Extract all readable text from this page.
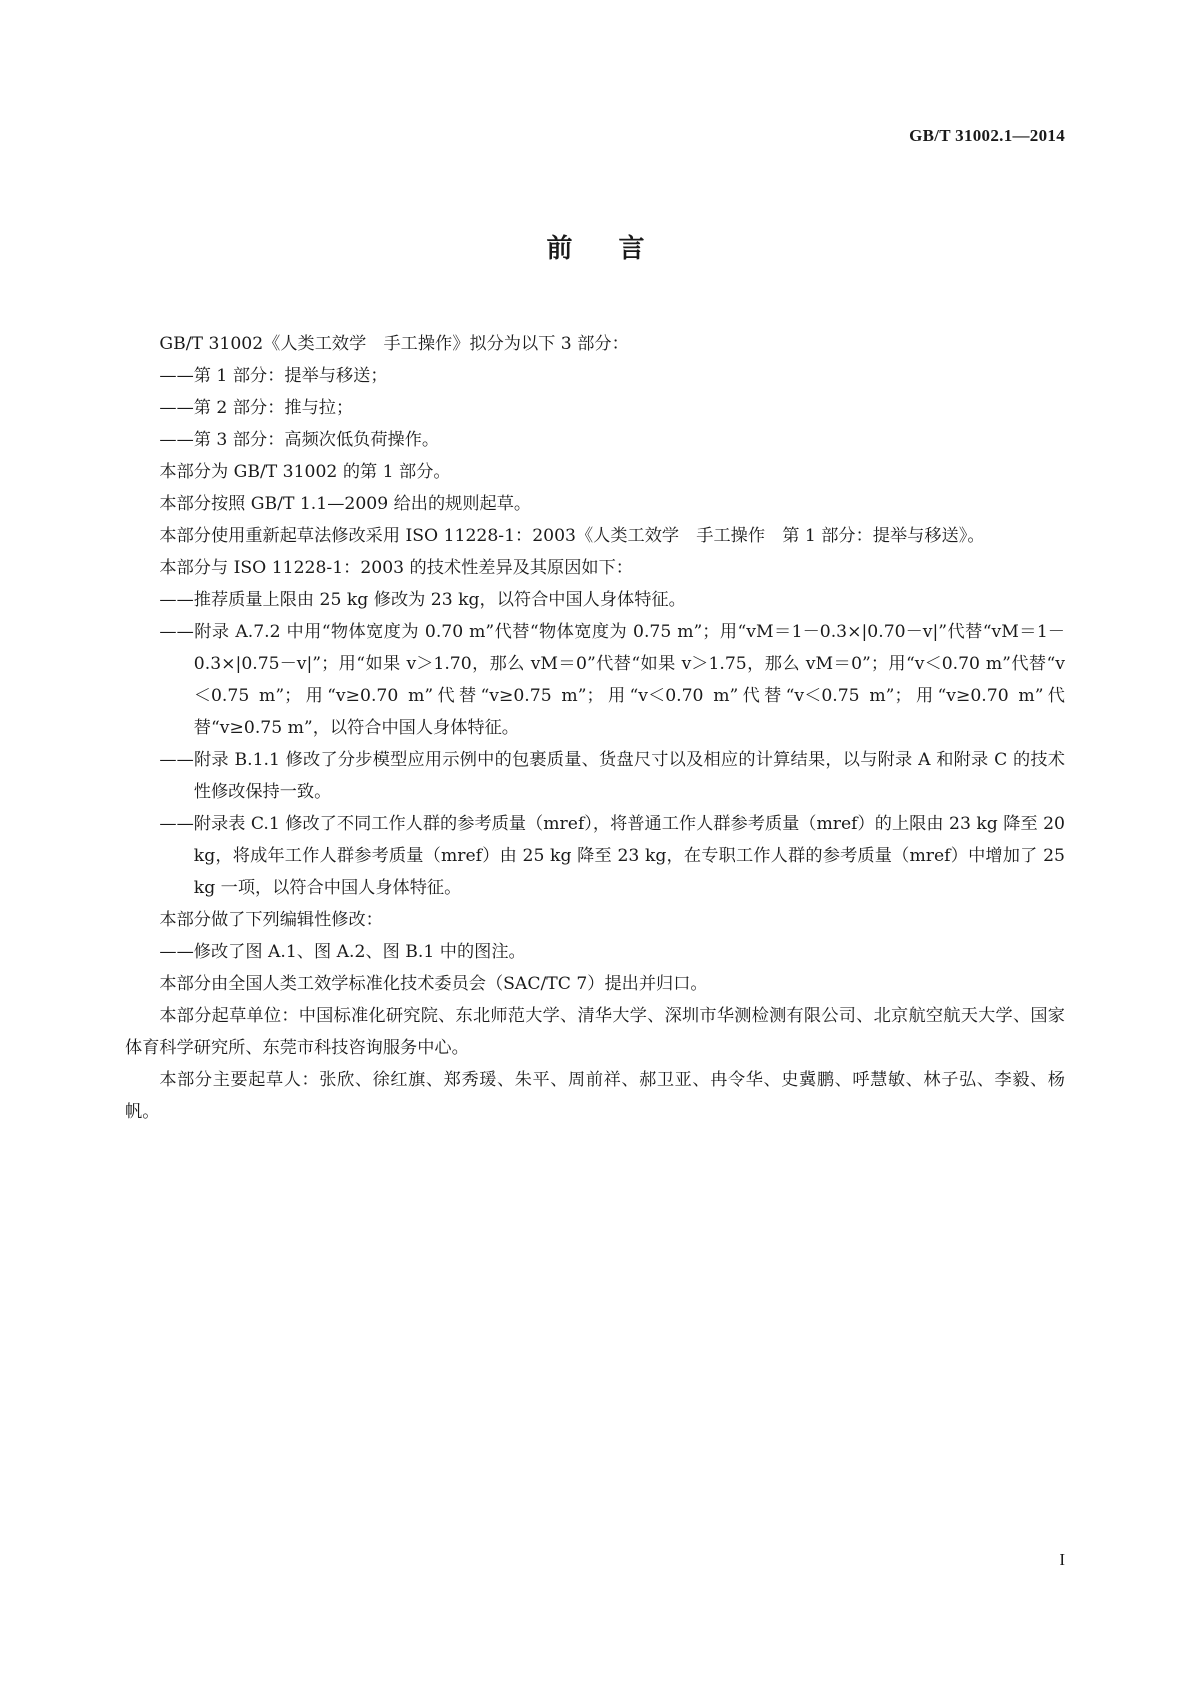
GB/T 31002.1—2014
前言

GB/T 31002《人类工效学　手工操作》拟分为以下 3 部分：

——第 1 部分：提举与移送；

——第 2 部分：推与拉；

——第 3 部分：高频次低负荷操作。

本部分为 GB/T 31002 的第 1 部分。

本部分按照 GB/T 1.1—2009 给出的规则起草。

本部分使用重新起草法修改采用 ISO 11228-1：2003《人类工效学　手工操作　第 1 部分：提举与移送》。

本部分与 ISO 11228-1：2003 的技术性差异及其原因如下：

——推荐质量上限由 25 kg 修改为 23 kg，以符合中国人身体特征。

——附录 A.7.2 中用“物体宽度为 0.70 m”代替“物体宽度为 0.75 m”；用“vM＝1－0.3×|0.70－v|”代替“vM＝1－0.3×|0.75－v|”；用“如果 v＞1.70，那么 vM＝0”代替“如果 v＞1.75，那么 vM＝0”；用“v＜0.70 m”代替“v＜0.75 m”；用“v≥0.70 m”代替“v≥0.75 m”；用“v＜0.70 m”代替“v＜0.75 m”；用“v≥0.70 m”代替“v≥0.75 m”，以符合中国人身体特征。

——附录 B.1.1 修改了分步模型应用示例中的包裹质量、货盘尺寸以及相应的计算结果，以与附录 A 和附录 C 的技术性修改保持一致。

——附录表 C.1 修改了不同工作人群的参考质量（mref），将普通工作人群参考质量（mref）的上限由 23 kg 降至 20 kg，将成年工作人群参考质量（mref）由 25 kg 降至 23 kg，在专职工作人群的参考质量（mref）中增加了 25 kg 一项，以符合中国人身体特征。

本部分做了下列编辑性修改：

——修改了图 A.1、图 A.2、图 B.1 中的图注。

本部分由全国人类工效学标准化技术委员会（SAC/TC 7）提出并归口。

本部分起草单位：中国标准化研究院、东北师范大学、清华大学、深圳市华测检测有限公司、北京航空航天大学、国家体育科学研究所、东莞市科技咨询服务中心。

本部分主要起草人：张欣、徐红旗、郑秀瑗、朱平、周前祥、郝卫亚、冉令华、史冀鹏、呼慧敏、林子弘、李毅、杨帆。

I
